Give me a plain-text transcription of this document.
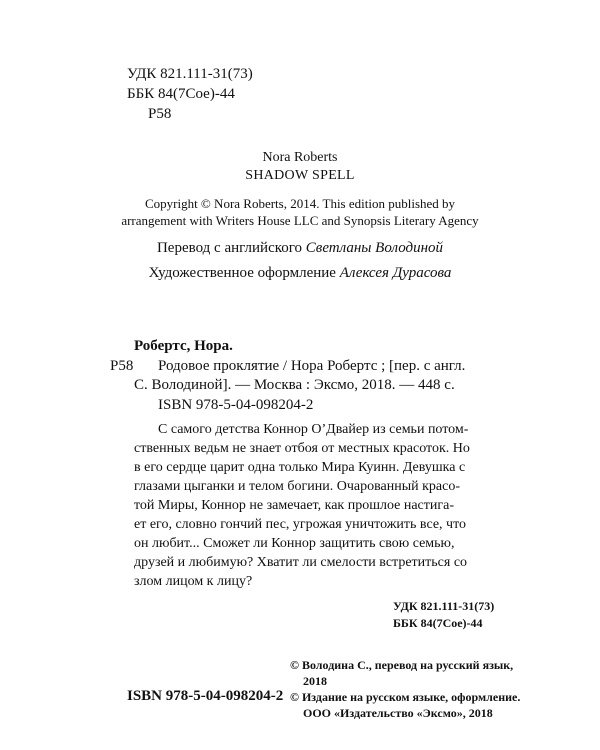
УДК 821.111-31(73)
ББК 84(7Сое)-44
Р58
Nora Roberts
SHADOW SPELL
Copyright © Nora Roberts, 2014. This edition published by
arrangement with Writers House LLC and Synopsis Literary Agency
Перевод с английского Светланы Володиной
Художественное оформление Алексея Дурасова
Робертс, Нора.
Р58 Родовое проклятие / Нора Робертс ; [пер. с англ.
С. Володиной]. — Москва : Эксмо, 2018. — 448 с.
ISBN 978-5-04-098204-2
С самого детства Коннор О’Двайер из семьи потом-
ственных ведьм не знает отбоя от местных красоток. Но
в его сердце царит одна только Мира Куинн. Девушка с
глазами цыганки и телом богини. Очарованный красо-
той Миры, Коннор не замечает, как прошлое настига-
ет его, словно гончий пес, угрожая уничтожить все, что
он любит... Сможет ли Коннор защитить свою семью,
друзей и любимую? Хватит ли смелости встретиться со
злом лицом к лицу?
УДК 821.111-31(73)
ББК 84(7Сое)-44
© Володина С., перевод на русский язык,
2018
ISBN 978-5-04-098204-2 © Издание на русском языке, оформление.
ООО «Издательство «Эксмо», 2018
